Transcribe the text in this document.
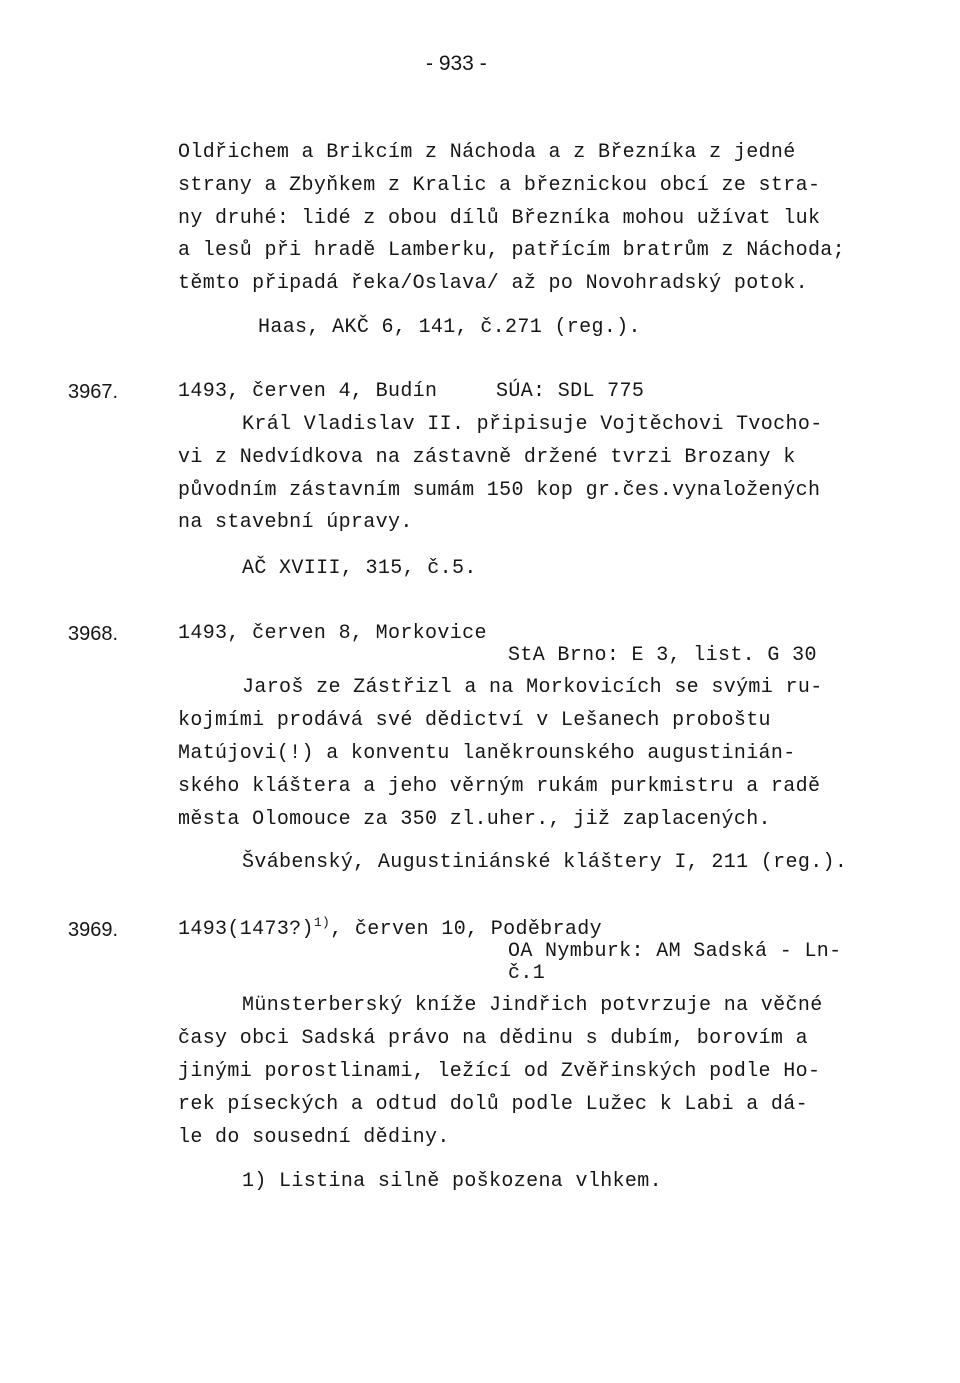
- 933 -
Oldřichem a Brikcím z Náchoda a z Březníka z jedné
strany a Zbyňkem z Kralic a březnickou obcí ze stra-
ny druhé: lidé z obou dílů Březníka mohou užívat luk
a lesů při hradě Lamberku, patřícím bratrům z Náchoda;
těmto připadá řeka/Oslava/ až po Novohradský potok.
Haas, AKČ 6, 141, č.271 (reg.).
3967.	1493, červen 4, Budín	SÚA: SDL 775
Král Vladislav II. připisuje Vojtěchovi Tvocho-
vi z Nedvídkova na zástavně držené tvrzi Brozany k
původním zástavním sumám 150 kop gr.čes.vynaložených
na stavební úpravy.
AČ XVIII, 315, č.5.
3968.	1493, červen 8, Morkovice
StA Brno: E 3, list. G 30
Jaroš ze Zástřizl a na Morkovicích se svými ru-
kojmími prodává své dědictví v Lešanech proboštu
Matújovi(!) a konventu laněkrounského augustinián-
ského kláštera a jeho věrným rukám purkmistru a radě
města Olomouce za 350 zl.uher., již zaplacených.
Švábenský, Augustiniánské kláštery I, 211 (reg.).
3969.	1493(1473?)$^{1)}$, červen 10, Poděbrady
OA Nymburk: AM Sadská - Ln-
č.1
Münsterberský kníže Jindřich potvrzuje na věčné
časy obci Sadská právo na dědinu s dubím, borovím a
jinými porostlinami, ležící od Zvěřinských podle Ho-
rek píseckých a odtud dolů podle Lužec k Labi a dá-
le do sousední dědiny.
1) Listina silně poškozena vlhkem.
